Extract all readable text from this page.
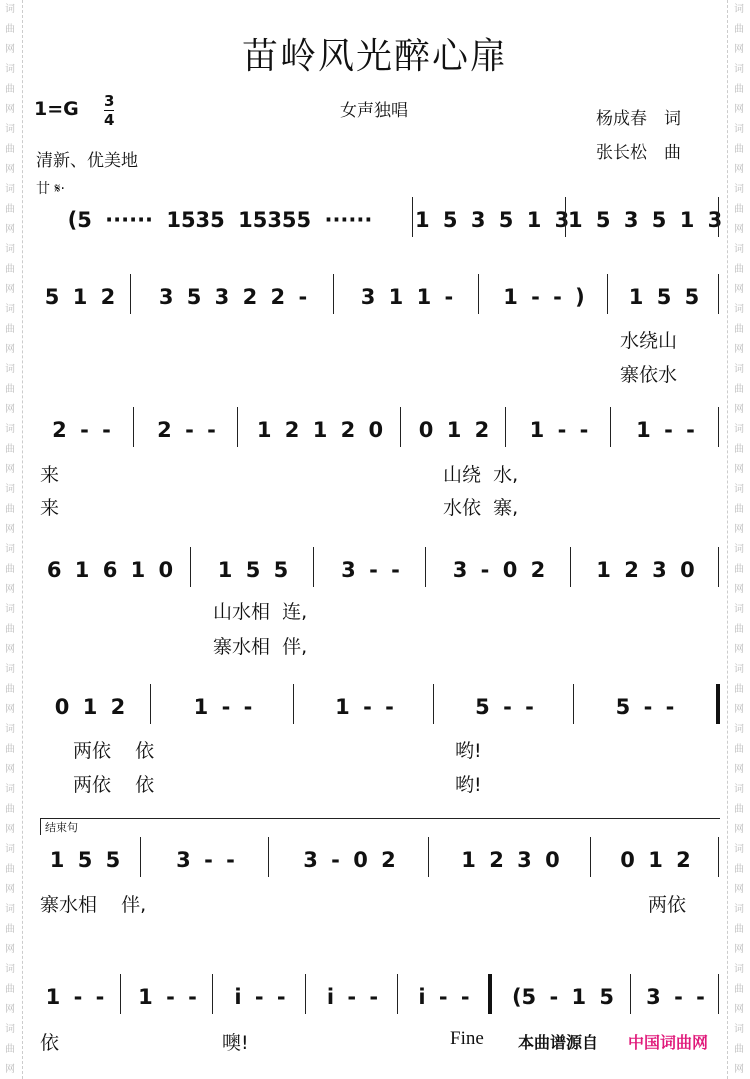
词
曲
网
词
曲
网
词
曲
网
词
曲
网
词
曲
网
词
曲
网
词
曲
网
词
曲
网
词
曲
网
词
曲
网
词
曲
网
词
曲
网
词
曲
网
词
曲
网
词
曲
网
词
曲
网
词
曲
网
词
曲
网

词
曲
网
词
曲
网
词
曲
网
词
曲
网
词
曲
网
词
曲
网
词
曲
网
词
曲
网
词
曲
网
词
曲
网
词
曲
网
词
曲
网
词
曲
网
词
曲
网
词
曲
网
词
曲
网
词
曲
网
词
曲
网

苗岭风光醉心扉
1=G 3
4	女声独唱	杨成春　词
张长松　曲
清新、优美地
廿 𝄋·
(5 ······ 1535 15355 ······	1 5 3 5 1 3
1 5 3 5 1 3
5 1 2	3 5 3 2 2 -	3 1 1 -	1 - - )	1 5 5
水绕山
寨依水
2 - -	2 - -	1 2 1 2 0	0 1 2	1 - -	1 - -
来	山绕  水,
来	水依  寨,
6 1 6 1 0	1 5 5	3 - -	3 - 0 2	1 2 3 0
山水相  连,
寨水相  伴,
0 1 2	1 - -	1 - -	5 - -	5 - -
两依    依	哟!
两依    依	哟!
结束句
1 5 5	3 - -	3 - 0 2	1 2 3 0	0 1 2
寨水相    伴,	两依
1 - -	1 - -	i - -	i - -	i - -	(5 - 1 5	3 - -
依	噢!	Fine 本曲谱源自 中国词曲网
